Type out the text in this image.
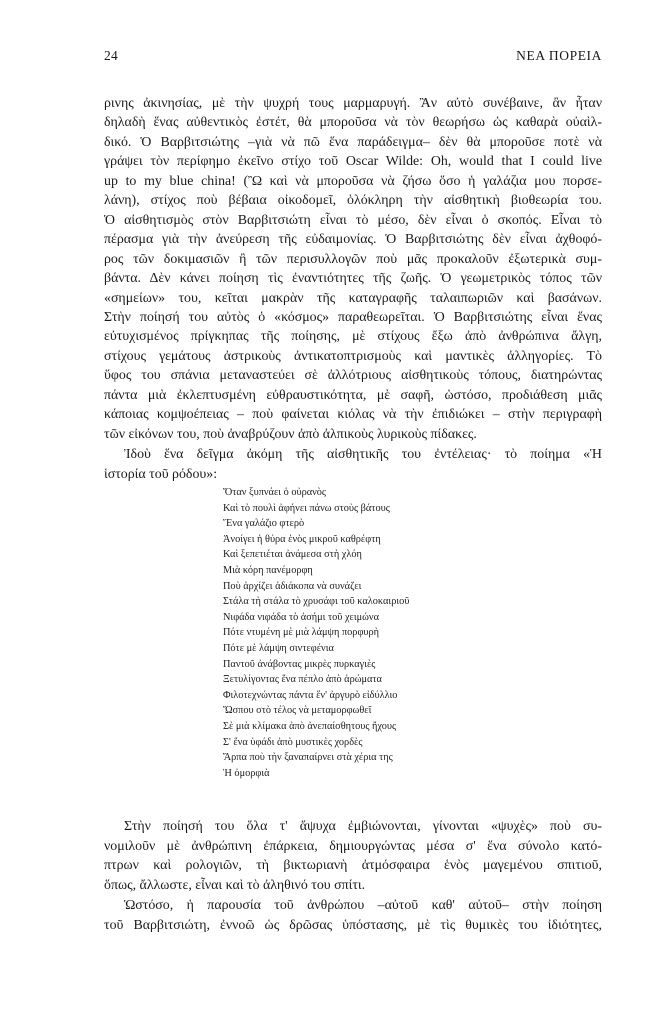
24	ΝΕΑ ΠΟΡΕΙΑ
ρινης ἀκινησίας, μὲ τὴν ψυχρή τους μαρμαρυγή. Ἂν αὐτὸ συνέβαινε, ἂν ἦταν
δηλαδὴ ἕνας αὐθεντικὸς ἐστέτ, θὰ μποροῦσα νὰ τὸν θεωρήσω ὡς καθαρὰ οὐαὶλ-
δικό. Ὁ Βαρβιτσιώτης –γιὰ νὰ πῶ ἕνα παράδειγμα– δὲν θὰ μποροῦσε ποτὲ νὰ
γράψει τὸν περίφημο ἐκεῖνο στίχο τοῦ Oscar Wilde: Oh, would that I could live
up to my blue china! (Ὢ καὶ νὰ μποροῦσα νὰ ζήσω ὅσο ἡ γαλάζια μου πορσε-
λάνη), στίχος ποὺ βέβαια οἰκοδομεῖ, ὁλόκληρη τὴν αἰσθητικὴ βιοθεωρία του.
Ὁ αἰσθητισμὸς στὸν Βαρβιτσιώτη εἶναι τὸ μέσο, δὲν εἶναι ὁ σκοπός. Εἶναι τὸ
πέρασμα γιὰ τὴν ἀνεύρεση τῆς εὐδαιμονίας. Ὁ Βαρβιτσιώτης δὲν εἶναι ἀχθοφό-
ρος τῶν δοκιμασιῶν ἢ τῶν περισυλλογῶν ποὺ μᾶς προκαλοῦν ἐξωτερικὰ συμ-
βάντα. Δὲν κάνει ποίηση τὶς ἐναντιότητες τῆς ζωῆς. Ὁ γεωμετρικὸς τόπος τῶν
«σημείων» του, κεῖται μακρὰν τῆς καταγραφῆς ταλαιπωριῶν καὶ βασάνων.
Στὴν ποίησή του αὐτὸς ὁ «κόσμος» παραθεωρεῖται. Ὁ Βαρβιτσιώτης εἶναι ἕνας
εὐτυχισμένος πρίγκηπας τῆς ποίησης, μὲ στίχους ἔξω ἀπὸ ἀνθρώπινα ἄλγη,
στίχους γεμάτους ἀστρικοὺς ἀντικατοπτρισμοὺς καὶ μαντικὲς ἀλληγορίες. Τὸ
ὕφος του σπάνια μεταναστεύει σὲ ἀλλότριους αἰσθητικοὺς τόπους, διατηρώντας
πάντα μιὰ ἐκλεπτυσμένη εὐθραυστικότητα, μὲ σαφῆ, ὡστόσο, προδιάθεση μιᾶς
κάποιας κομψοέπειας – ποὺ φαίνεται κιόλας νὰ τὴν ἐπιδιώκει – στὴν περιγραφὴ
τῶν εἰκόνων του, ποὺ ἀναβρύζουν ἀπὸ ἀλπικοὺς λυρικοὺς πίδακες.
Ἰδοὺ ἕνα δεῖγμα ἀκόμη τῆς αἰσθητικῆς του ἐντέλειας· τὸ ποίημα «Ἡ
ἱστορία τοῦ ρόδου»:
Ὅταν ξυπνάει ὁ οὐρανὸς
Καὶ τὸ πουλὶ ἀφήνει πάνω στοὺς βάτους
Ἕνα γαλάζιο φτερὸ
Ἀνοίγει ἡ θύρα ἑνὸς μικροῦ καθρέφτη
Καὶ ξεπετιέται ἀνάμεσα στὴ χλόη
Μιὰ κόρη πανέμορφη
Ποὺ ἀρχίζει ἀδιάκοπα νὰ συνάζει
Στάλα τὴ στάλα τὸ χρυσάφι τοῦ καλοκαιριοῦ
Νιφάδα νιφάδα τὸ ἀσήμι τοῦ χειμώνα
Πότε ντυμένη μὲ μιὰ λάμψη πορφυρὴ
Πότε μὲ λάμψη σιντεφένια
Παντοῦ ἀνάβοντας μικρὲς πυρκαγιὲς
Ξετυλίγοντας ἕνα πέπλο ἀπὸ ἀρώματα
Φιλοτεχνώντας πάντα ἕν' ἀργυρὸ εἰδύλλιο
Ὥσπου στὸ τέλος νὰ μεταμορφωθεῖ
Σὲ μιὰ κλίμακα ἀπὸ ἀνεπαίσθητους ἤχους
Σ' ἕνα ὑφάδι ἀπὸ μυστικὲς χορδὲς
Ἅρπα ποὺ τὴν ξαναπαίρνει στὰ χέρια της
Ἡ ὀμορφιὰ
Στὴν ποίησή του ὅλα τ' ἄψυχα ἐμβιώνονται, γίνονται «ψυχὲς» ποὺ συ-
νομιλοῦν μὲ ἀνθρώπινη ἐπάρκεια, δημιουργώντας μέσα σ' ἕνα σύνολο κατό-
πτρων καὶ ρολογιῶν, τὴ βικτωριανὴ ἀτμόσφαιρα ἑνὸς μαγεμένου σπιτιοῦ,
ὅπως, ἄλλωστε, εἶναι καὶ τὸ ἀληθινό του σπίτι.
Ὡστόσο, ἡ παρουσία τοῦ ἀνθρώπου –αὐτοῦ καθ' αὐτοῦ– στὴν ποίηση
τοῦ Βαρβιτσιώτη, ἐννοῶ ὡς δρῶσας ὑπόστασης, μὲ τὶς θυμικὲς του ἰδιότητες,
